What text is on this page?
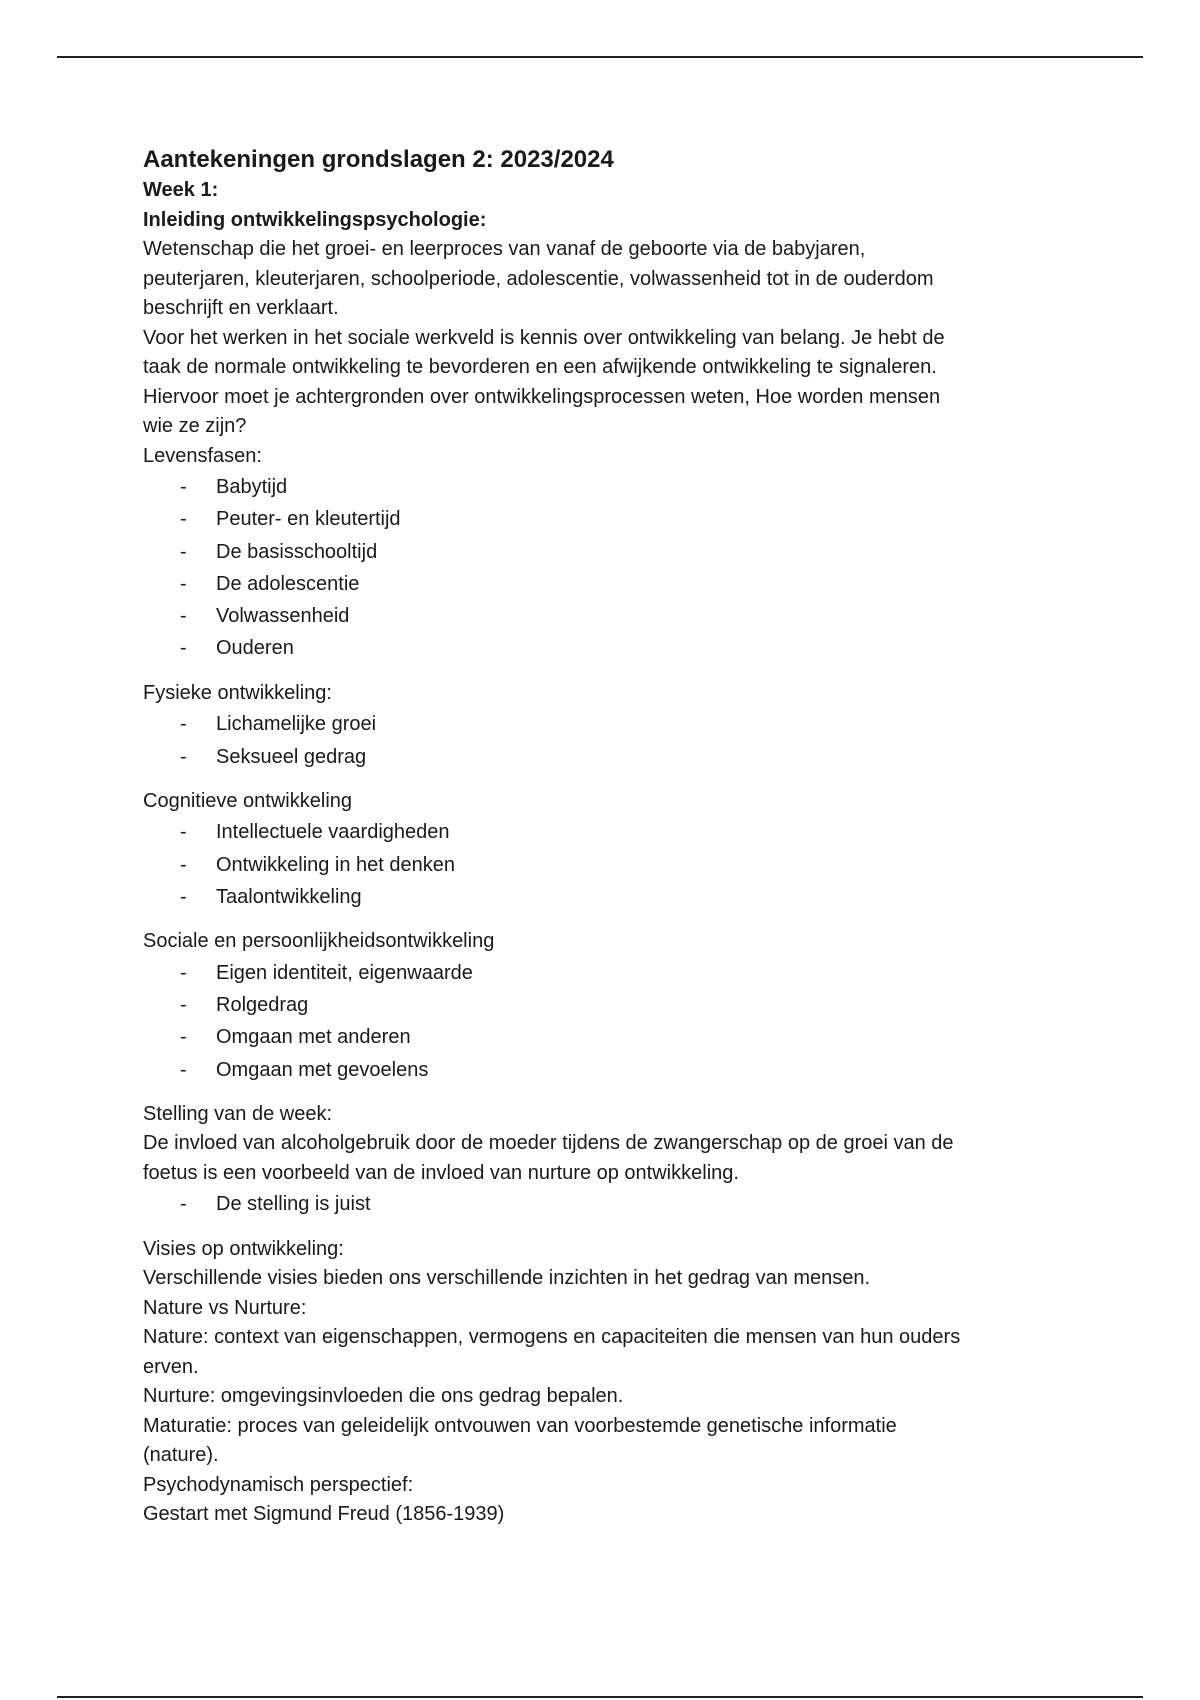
Aantekeningen grondslagen 2: 2023/2024

Week 1:

Inleiding ontwikkelingspsychologie:

Wetenschap die het groei- en leerproces van vanaf de geboorte via de babyjaren,

peuterjaren, kleuterjaren, schoolperiode, adolescentie, volwassenheid tot in de ouderdom

beschrijft en verklaart.

Voor het werken in het sociale werkveld is kennis over ontwikkeling van belang. Je hebt de

taak de normale ontwikkeling te bevorderen en een afwijkende ontwikkeling te signaleren.

Hiervoor moet je achtergronden over ontwikkelingsprocessen weten, Hoe worden mensen

wie ze zijn?

Levensfasen:

- Babytijd
- Peuter- en kleutertijd
- De basisschooltijd
- De adolescentie
- Volwassenheid
- Ouderen

Fysieke ontwikkeling:

- Lichamelijke groei
- Seksueel gedrag

Cognitieve ontwikkeling

- Intellectuele vaardigheden
- Ontwikkeling in het denken
- Taalontwikkeling

Sociale en persoonlijkheidsontwikkeling

- Eigen identiteit, eigenwaarde
- Rolgedrag
- Omgaan met anderen
- Omgaan met gevoelens

Stelling van de week:

De invloed van alcoholgebruik door de moeder tijdens de zwangerschap op de groei van de

foetus is een voorbeeld van de invloed van nurture op ontwikkeling.

- De stelling is juist

Visies op ontwikkeling:

Verschillende visies bieden ons verschillende inzichten in het gedrag van mensen.

Nature vs Nurture:

Nature: context van eigenschappen, vermogens en capaciteiten die mensen van hun ouders

erven.

Nurture: omgevingsinvloeden die ons gedrag bepalen.

Maturatie: proces van geleidelijk ontvouwen van voorbestemde genetische informatie

(nature).

Psychodynamisch perspectief:

Gestart met Sigmund Freud (1856-1939)
